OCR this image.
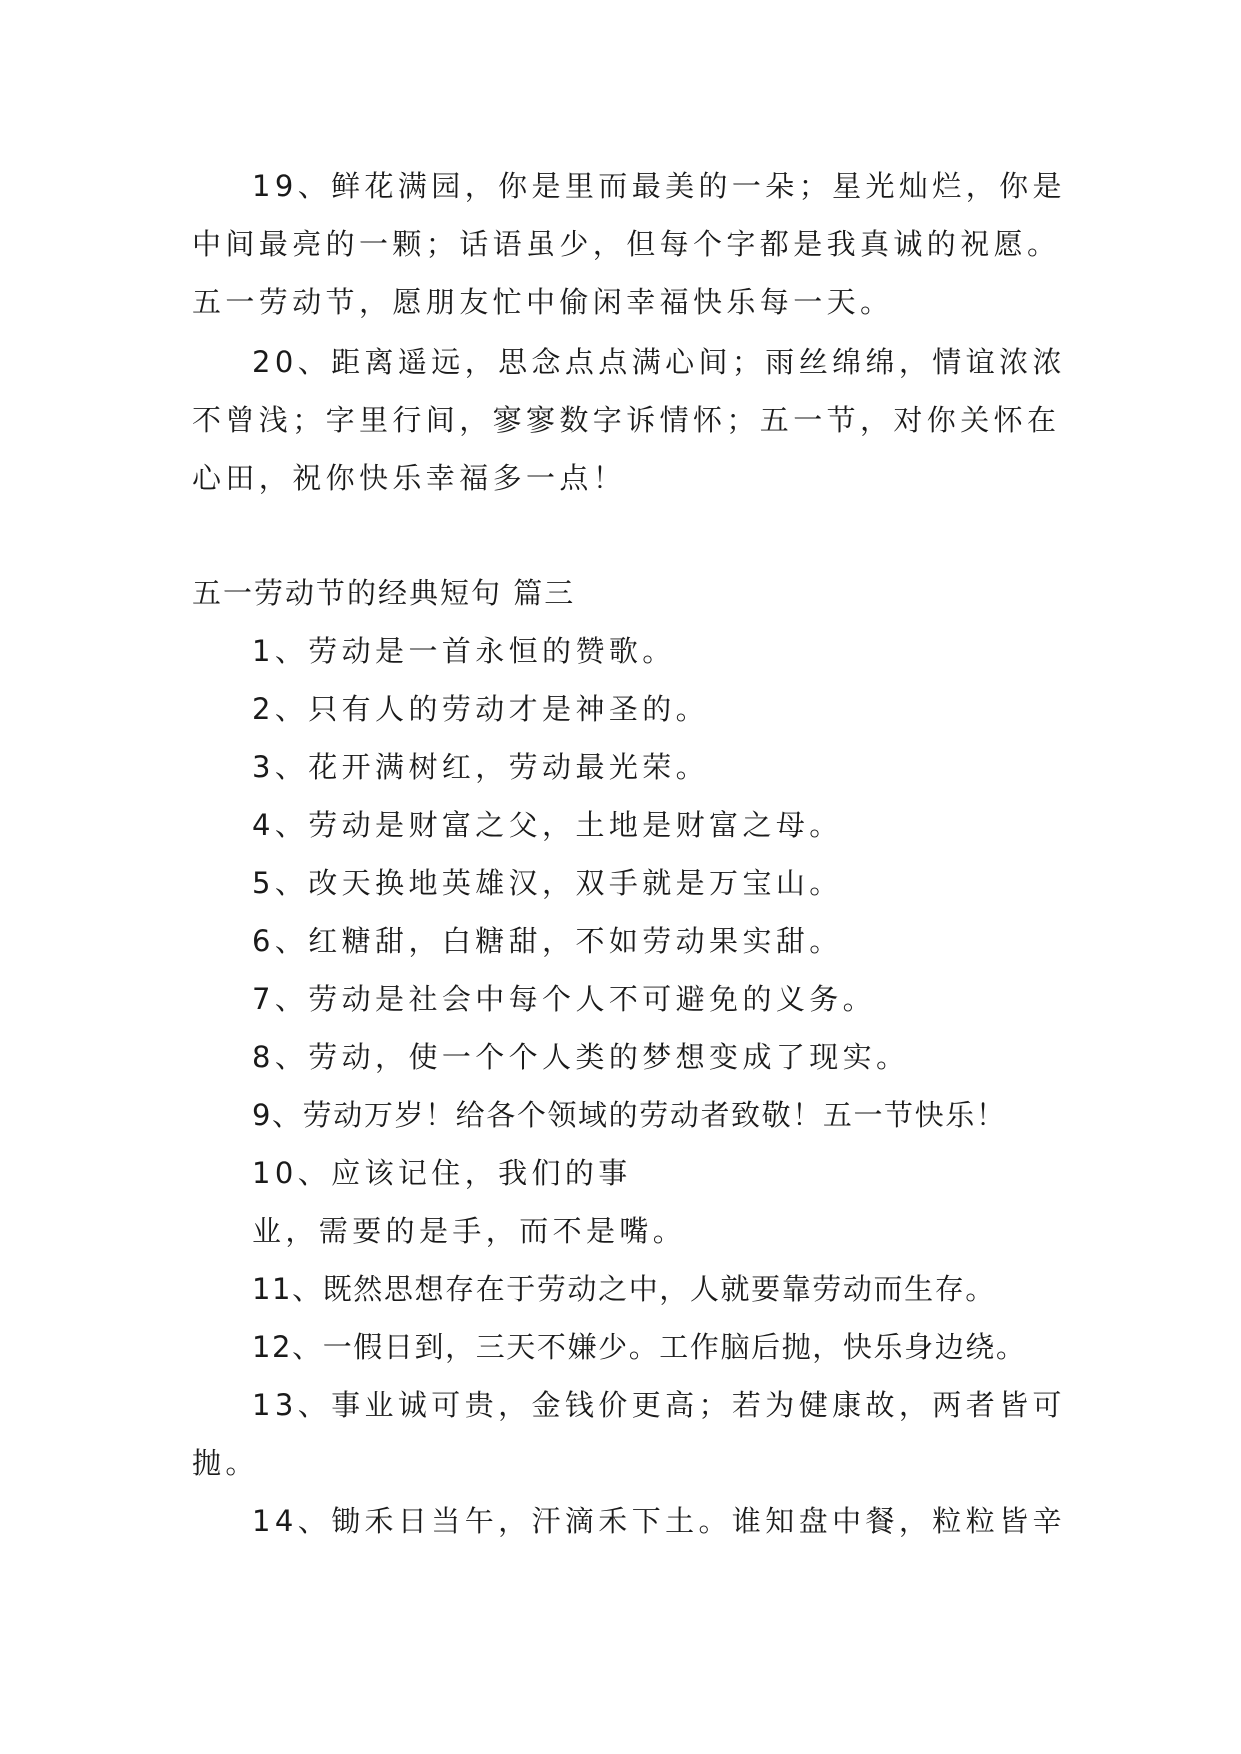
19、鲜花满园，你是里而最美的一朵；星光灿烂，你是
中间最亮的一颗；话语虽少，但每个字都是我真诚的祝愿。
五一劳动节，愿朋友忙中偷闲幸福快乐每一天。
20、距离遥远，思念点点满心间；雨丝绵绵，情谊浓浓
不曾浅；字里行间，寥寥数字诉情怀；五一节，对你关怀在
心田，祝你快乐幸福多一点！
五一劳动节的经典短句 篇三
1、劳动是一首永恒的赞歌。
2、只有人的劳动才是神圣的。
3、花开满树红，劳动最光荣。
4、劳动是财富之父，土地是财富之母。
5、改天换地英雄汉，双手就是万宝山。
6、红糖甜，白糖甜，不如劳动果实甜。
7、劳动是社会中每个人不可避免的义务。
8、劳动，使一个个人类的梦想变成了现实。
9、劳动万岁！给各个领域的劳动者致敬！五一节快乐！
10、应该记住，我们的事
业，需要的是手，而不是嘴。
11、既然思想存在于劳动之中，人就要靠劳动而生存。
12、一假日到，三天不嫌少。工作脑后抛，快乐身边绕。
13、事业诚可贵，金钱价更高；若为健康故，两者皆可
抛。
14、锄禾日当午，汗滴禾下土。谁知盘中餐，粒粒皆辛
